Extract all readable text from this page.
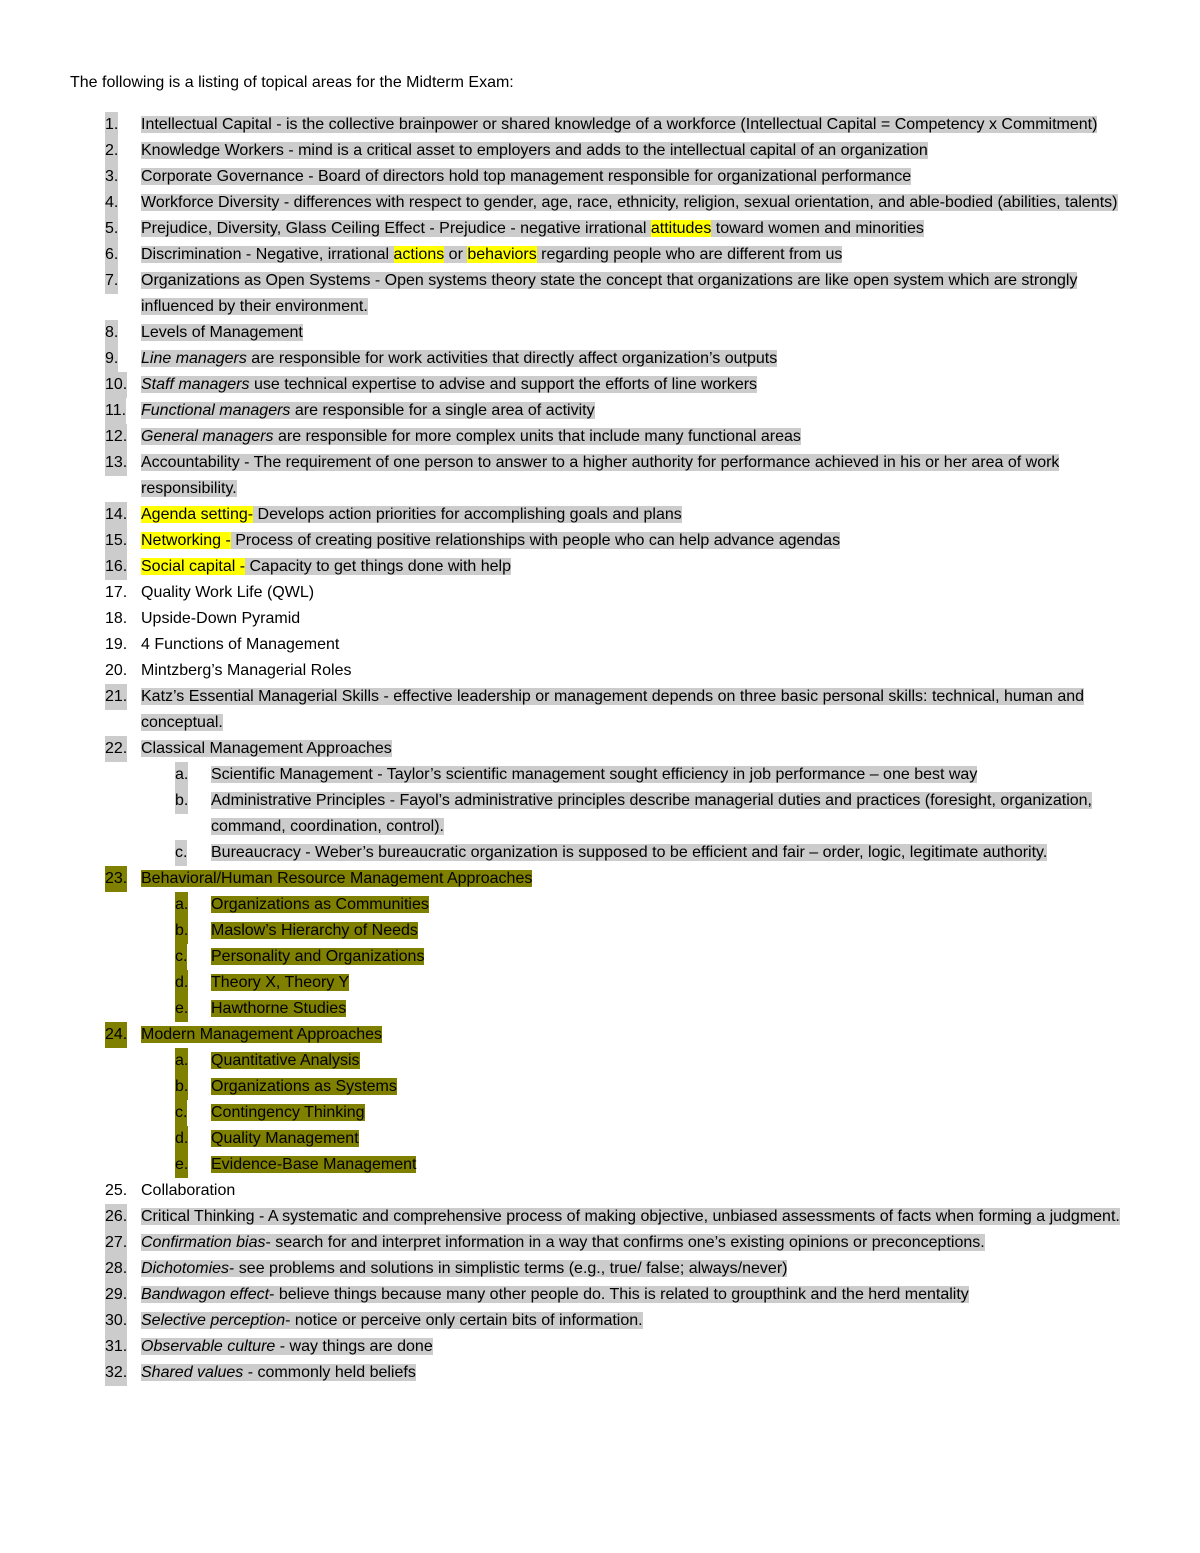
The following is a listing of topical areas for the Midterm Exam:
1. Intellectual Capital - is the collective brainpower or shared knowledge of a workforce (Intellectual Capital = Competency x Commitment)
2. Knowledge Workers - mind is a critical asset to employers and adds to the intellectual capital of an organization
3. Corporate Governance - Board of directors hold top management responsible for organizational performance
4. Workforce Diversity - differences with respect to gender, age, race, ethnicity, religion, sexual orientation, and able-bodied (abilities, talents)
5. Prejudice, Diversity, Glass Ceiling Effect - Prejudice - negative irrational attitudes toward women and minorities
6. Discrimination - Negative, irrational actions or behaviors regarding people who are different from us
7. Organizations as Open Systems - Open systems theory state the concept that organizations are like open system which are strongly influenced by their environment.
8. Levels of Management
9. Line managers are responsible for work activities that directly affect organization’s outputs
10. Staff managers use technical expertise to advise and support the efforts of line workers
11. Functional managers are responsible for a single area of activity
12. General managers are responsible for more complex units that include many functional areas
13. Accountability - The requirement of one person to answer to a higher authority for performance achieved in his or her area of work responsibility.
14. Agenda setting- Develops action priorities for accomplishing goals and plans
15. Networking - Process of creating positive relationships with people who can help advance agendas
16. Social capital - Capacity to get things done with help
17. Quality Work Life (QWL)
18. Upside-Down Pyramid
19. 4 Functions of Management
20. Mintzberg’s Managerial Roles
21. Katz’s Essential Managerial Skills - effective leadership or management depends on three basic personal skills: technical, human and conceptual.
22. Classical Management Approaches
a. Scientific Management - Taylor’s scientific management sought efficiency in job performance – one best way
b. Administrative Principles - Fayol’s administrative principles describe managerial duties and practices (foresight, organization, command, coordination, control).
c. Bureaucracy - Weber’s bureaucratic organization is supposed to be efficient and fair – order, logic, legitimate authority.
23. Behavioral/Human Resource Management Approaches
a. Organizations as Communities
b. Maslow’s Hierarchy of Needs
c. Personality and Organizations
d. Theory X, Theory Y
e. Hawthorne Studies
24. Modern Management Approaches
a. Quantitative Analysis
b. Organizations as Systems
c. Contingency Thinking
d. Quality Management
e. Evidence-Base Management
25. Collaboration
26. Critical Thinking - A systematic and comprehensive process of making objective, unbiased assessments of facts when forming a judgment.
27. Confirmation bias- search for and interpret information in a way that confirms one’s existing opinions or preconceptions.
28. Dichotomies- see problems and solutions in simplistic terms (e.g., true/ false; always/never)
29. Bandwagon effect- believe things because many other people do. This is related to groupthink and the herd mentality
30. Selective perception- notice or perceive only certain bits of information.
31. Observable culture - way things are done
32. Shared values - commonly held beliefs
